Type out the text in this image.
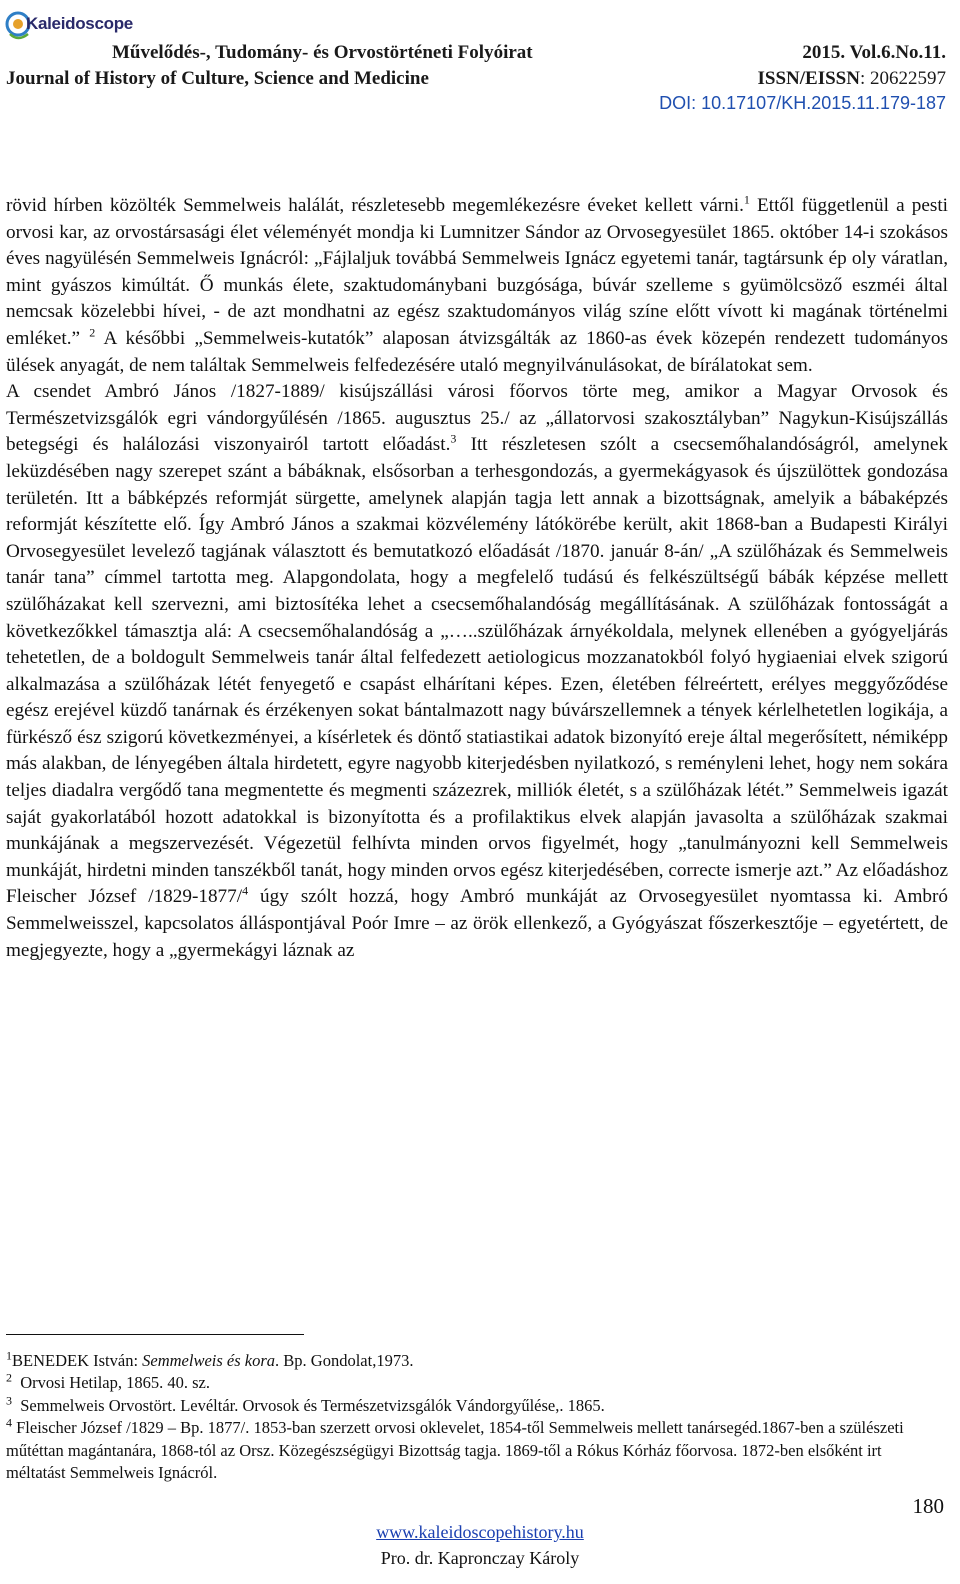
Kaleidoscope
Művelődés-, Tudomány- és Orvostörténeti Folyóirat
Journal of History of Culture, Science and Medicine
2015. Vol.6.No.11.
ISSN/EISSN: 20622597
DOI: 10.17107/KH.2015.11.179-187

rövid hírben közölték Semmelweis halálát, részletesebb megemlékezésre éveket kellett várni.$^1$ Ettől függetlenül a pesti orvosi kar, az orvostársasági élet véleményét mondja ki Lumnitzer Sándor az Orvosegyesület 1865. október 14-i szokásos éves nagyülésén Semmelweis Ignácról: „Fájlaljuk továbbá Semmelweis Ignácz egyetemi tanár, tagtársunk ép oly váratlan, mint gyászos kimúltát. Ő munkás élete, szaktudománybani buzgósága, búvár szelleme s gyümölcsöző eszméi által nemcsak közelebbi hívei, - de azt mondhatni az egész szaktudományos világ színe előtt vívott ki magának történelmi emléket.” $^2$ A későbbi „Semmelweis-kutatók” alaposan átvizsgálták az 1860-as évek közepén rendezett tudományos ülések anyagát, de nem találtak Semmelweis felfedezésére utaló megnyilvánulásokat, de bírálatokat sem.

A csendet Ambró János /1827-1889/ kisújszállási városi főorvos törte meg, amikor a Magyar Orvosok és Természetvizsgálók egri vándorgyűlésén /1865. augusztus 25./ az „állatorvosi szakosztályban” Nagykun-Kisújszállás betegségi és halálozási viszonyairól tartott előadást.$^3$ Itt részletesen szólt a csecsemőhalandóságról, amelynek leküzdésében nagy szerepet szánt a bábáknak, elsősorban a terhesgondozás, a gyermekágyasok és újszülöttek gondozása területén. Itt a bábképzés reformját sürgette, amelynek alapján tagja lett annak a bizottságnak, amelyik a bábaképzés reformját készítette elő. Így Ambró János a szakmai közvélemény látókörébe került, akit 1868-ban a Budapesti Királyi Orvosegyesület levelező tagjának választott és bemutatkozó előadását /1870. január 8-án/ „A szülőházak és Semmelweis tanár tana” címmel tartotta meg. Alapgondolata, hogy a megfelelő tudású és felkészültségű bábák képzése mellett szülőházakat kell szervezni, ami biztosítéka lehet a csecsemőhalandóság megállításának. A szülőházak fontosságát a következőkkel támasztja alá: A csecsemőhalandóság a „…..szülőházak árnyékoldala, melynek ellenében a gyógyeljárás tehetetlen, de a boldogult Semmelweis tanár által felfedezett aetiologicus mozzanatokból folyó hygiaeniai elvek szigorú alkalmazása a szülőházak létét fenyegető e csapást elhárítani képes. Ezen, életében félreértett, erélyes meggyőződése egész erejével küzdő tanárnak és érzékenyen sokat bántalmazott nagy búvárszellemnek a tények kérlelhetetlen logikája, a fürkésző ész szigorú következményei, a kísérletek és döntő statiastikai adatok bizonyító ereje által megerősített, némiképp más alakban, de lényegében általa hirdetett, egyre nagyobb kiterjedésben nyilatkozó, s reményleni lehet, hogy nem sokára teljes diadalra vergődő tana megmentette és megmenti százezrek, milliók életét, s a szülőházak létét.” Semmelweis igazát saját gyakorlatából hozott adatokkal is bizonyította és a profilaktikus elvek alapján javasolta a szülőházak szakmai munkájának a megszervezését. Végezetül felhívta minden orvos figyelmét, hogy „tanulmányozni kell Semmelweis munkáját, hirdetni minden tanszékből tanát, hogy minden orvos egész kiterjedésében, correcte ismerje azt.” Az előadáshoz Fleischer József /1829-1877/$^4$ úgy szólt hozzá, hogy Ambró munkáját az Orvosegyesület nyomtassa ki. Ambró Semmelweisszel, kapcsolatos álláspontjával Poór Imre – az örök ellenkező, a Gyógyászat főszerkesztője – egyetértett, de megjegyezte, hogy a „gyermekágyi láznak az

$^1$BENEDEK István: Semmelweis és kora. Bp. Gondolat,1973.
$^2$  Orvosi Hetilap, 1865. 40. sz.
$^3$  Semmelweis Orvostört. Levéltár. Orvosok és Természetvizsgálók Vándorgyűlése,. 1865.
$^4$ Fleischer József /1829 – Bp. 1877/. 1853-ban szerzett orvosi oklevelet, 1854-től Semmelweis mellett tanársegéd.1867-ben a szülészeti műtéttan magántanára, 1868-tól az Orsz. Közegészségügyi Bizottság tagja. 1869-től a Rókus Kórház főorvosa. 1872-ben elsőként irt méltatást Semmelweis Ignácról.
180
www.kaleidoscopehistory.hu
Pro. dr. Kapronczay Károly
